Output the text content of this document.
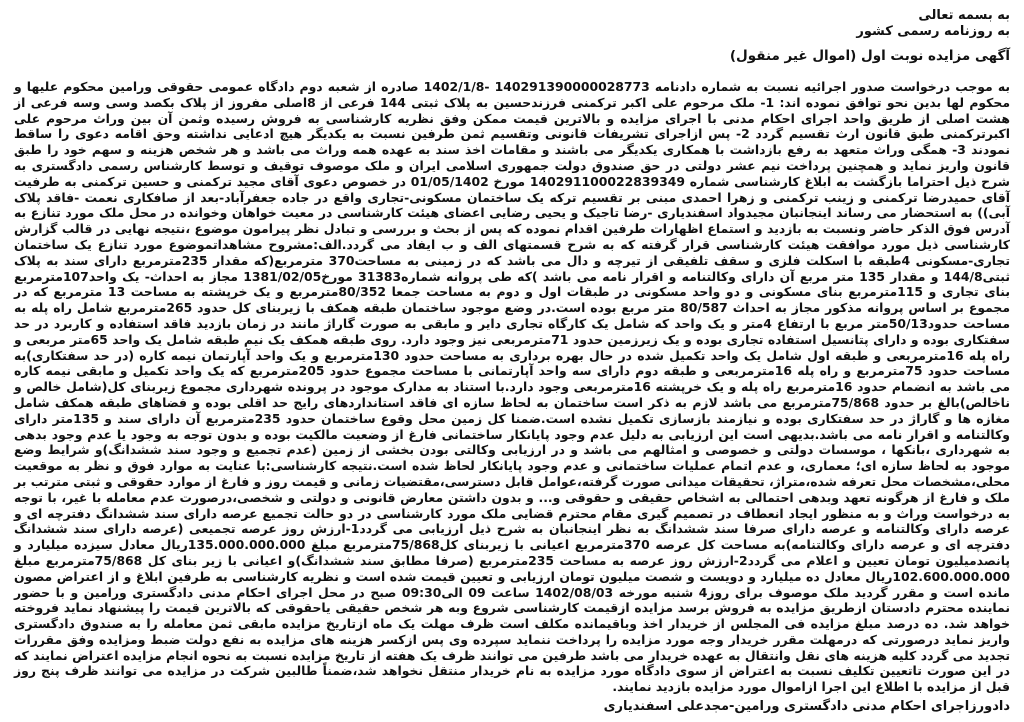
به بسمه تعالی
به روزنامه رسمی کشور
آگهی مزایده نوبت اول (اموال غیر منقول)
به موجب درخواست صدور اجرائیه نسبت به شماره دادنامه 140291390000028773 -1402/1/8 صادره از شعبه دوم دادگاه عمومی حقوقی ورامین محکوم علیها و محکوم لها بدین نحو توافق نموده اند: 1- ملک مرحوم علی اکبر ترکمنی فرزندحسین به پلاک ثبتی 144 فرعی از 8اصلی مفروز از پلاک بکصد وسی وسه فرعی از هشت اصلی از طریق واحد اجرای احکام مدنی با اجرای مزایده و بالاترین قیمت ممکن وفق نظریه کارشناسی به فروش رسیده وثمن آن بین وراث مرحوم علی اکبرترکمنی طبق قانون ارث تقسیم گردد 2- پس ازاجرای تشریفات قانونی وتقسیم ثمن طرفین نسبت به یکدیگر هیچ ادعایی نداشته وحق اقامه دعوی را ساقط نمودند 3- همگی وراث متعهد به رفع بازداشت با همکاری یکدیگر می باشند و مقامات اخذ سند به عهده همه وراث می باشد و هر شخص هزینه و سهم خود را طبق قانون واریز نماید و همچنین پرداخت نیم عشر دولتی در حق صندوق دولت جمهوری اسلامی ایران و ملک موصوف توقیف و توسط کارشناس رسمی دادگستری به شرح ذیل احتراما بازگشت به ابلاغ کارشناسی شماره 140291100022839349 مورخ 01/05/1402 در خصوص دعوی آقای مجید ترکمنی و حسین ترکمنی به طرفیت آقای حمیدرضا ترکمنی و زینب ترکمنی و زهرا احمدی مبنی بر تقسیم ترکه یک ساختمان مسکونی-تجاری واقع در جاده جعفرآباد-بعد از صافکاری نعمت -فاقد پلاک آبی)) به استحضار می رساند اینجانبان مجیدواد اسفندیاری -رضا تاجیک و یحیی رضایی اعضای هیئت کارشناسی در معیت خواهان وخوانده در محل ملک مورد تنازع به آدرس فوق الذکر حاضر ونسبت به بازدید و استماع اظهارات طرفین اقدام نموده که پس از بحث و بررسی و تبادل نظر پیرامون موضوع ،نتیجه نهایی در قالب گزارش کارشناسی ذیل مورد موافقت هیئت کارشناسی قرار گرفته که به شرح قسمتهای الف و ب ایفاد می گردد.الف:مشروح مشاهداتموضوع مورد تنازع یک ساختمان تجاری-مسکونی 4طبقه با اسکلت فلزی و سقف تلفیقی از تیرچه و دال می باشد که در زمینی به مساحت370 مترمربع(که مقدار 235مترمربع دارای سند به پلاک ثبتی144/8 و مقدار 135 متر مربع آن دارای وکالتنامه و اقرار نامه می باشد )که طی پروانه شماره31383 مورخ1381/02/05 مجاز به احداث- یک واحد107مترمربع بنای تجاری و 115مترمربع بنای مسکونی و دو واحد مسکونی در طبقات اول و دوم به مساحت جمعا 80/352مترمربع و یک خرپشته به مساحت 13 مترمربع که در مجموع بر اساس پروانه مذکور مجاز به احداث 80/587 متر مربع بوده است.در وضع موجود ساختمان طبقه همکف با زیربنای کل حدود 265مترمربع شامل راه پله به مساحت حدود50/13متر مربع با ارتفاع 4متر و یک واحد که شامل یک کارگاه تجاری دایر و مابقی به صورت گاراژ مانند در زمان بازدید فاقد استفاده و کاربرد در حد سفتکاری بوده و دارای پتانسیل استفاده تجاری بوده و یک زیرزمین حدود 71مترمربعی نیز وجود دارد. روی طبقه همکف یک نیم طبقه شامل یک واحد 65متر مربعی و راه پله 16مترمربعی و طبقه اول شامل یک واحد تکمیل شده در حال بهره برداری به مساحت حدود 130مترمربع و یک واحد آپارتمان نیمه کاره (در حد سفتکاری)به مساحت حدود 75مترمربع و راه پله 16مترمربعی و طبقه دوم دارای سه واحد آپارتمانی با مساحت مجموع حدود 205مترمربع که یک واحد تکمیل و مابقی نیمه کاره می باشد به انضمام حدود 16مترمربع راه پله و یک خرپشته 16مترمربعی وجود دارد.با استناد به مدارک موجود در پرونده شهرداری مجموع زیربنای کل(شامل خالص و ناخالص)بالغ بر حدود 75/868مترمربع می باشد لازم به ذکر است ساختمان به لحاظ سازه ای فاقد استانداردهای رایج حد اقلی بوده و فضاهای طبقه همکف شامل مغازه ها و گاراژ در حد سفتکاری بوده و نیازمند بازسازی تکمیل نشده است.ضمنا کل زمین محل وقوع ساختمان حدود 235مترمربع آن دارای سند و 135متر دارای وکالتنامه و اقرار نامه می باشد.بدیهی است این ارزیابی به دلیل عدم وجود پایانکار ساختمانی فارغ از وضعیت مالکیت بوده و بدون توجه به وجود یا عدم وجود بدهی به شهرداری ،بانکها ، موسسات دولتی و خصوصی و امثالهم می باشد و در ارزیابی وکالتی بودن بخشی از زمین (عدم تجمیع و وجود سند ششدانگ)و شرایط وضع موجود به لحاظ سازه ای؛ معماری، و عدم اتمام عملیات ساختمانی و عدم وجود پایانکار لحاظ شده است.نتیجه کارشناسی:با عنایت به موارد فوق و نظر به موقعیت محلی،مشخصات محل تعرفه شده،متراژ، تحقیقات میدانی صورت گرفته،عوامل قابل دسترسی،مقتضیات زمانی و قیمت روز و فارغ از موارد حقوقی و ثبتی مترتب بر ملک و فارغ از هرگونه تعهد وبدهی احتمالی به اشخاص حقیقی و حقوقی و... و بدون داشتن معارض قانونی و دولتی و شخصی،درصورت عدم معامله با غیر، با توجه به درخواست وراث و به منظور ایجاد انعطاف در تصمیم گیری مقام محترم قضایی ملک مورد کارشناسی در دو حالت تجمیع عرصه دارای سند ششدانگ دفترچه ای و عرصه دارای وکالتنامه و عرصه دارای صرفا سند ششدانگ به نظر اینجانبان به شرح ذیل ارزیابی می گردد1-ارزش روز عرصه تجمیعی (عرصه دارای سند ششدانگ دفترچه ای و عرصه دارای وکالتنامه)به مساحت کل عرصه 370مترمربع اعیانی با زیربنای کل75/868مترمربع مبلغ 135.000.000.000ریال معادل سیزده میلیارد و پانصدمیلیون تومان تعیین و اعلام می گردد2-ارزش روز عرصه به مساحت 235مترمربع (صرفا مطابق سند ششدانگ)و اعیانی با زیر بنای کل 75/868مترمربع مبلغ 102.600.000.000ریال معادل ده میلیارد و دویست و شصت میلیون تومان ارزیابی و تعیین قیمت شده است و نظریه کارشناسی به طرفین ابلاغ و از اعتراض مصون مانده است و مقرر گردید ملک موصوف برای روز4 شنبه مورخه 1402/08/03 ساعت 09 الی09:30 صبح در محل اجرای احکام مدنی دادگستری ورامین و با حضور نماینده محترم دادستان ازطریق مزایده به فروش برسد مزایده ازقیمت کارشناسی شروع وبه هر شخص حقیقی یاحقوقی که بالاترین قیمت را پیشنهاد نماید فروخته خواهد شد. ده درصد مبلغ مزایده فی المجلس از خریدار اخذ وباقیمانده مکلف است ظرف مهلت یک ماه ازتاریخ مزایده مابقی ثمن معامله را به صندوق دادگستری واریز نماید درصورتی که درمهلت مقرر خریدار وجه مورد مزایده را پرداخت ننماید سپرده وی پس ازکسر هزینه های مزایده به نفع دولت ضبط ومزایده وفق مقررات تجدید می گردد کلیه هزینه های نقل وانتقال به عهده خریدار می باشد طرفین می توانند ظرف یک هفته از تاریخ مزایده نسبت به نحوه انجام مزایده اعتراض نمایند که در این صورت تاتعیین تکلیف نسبت به اعتراض از سوی دادگاه مورد مزایده به نام خریدار منتقل نخواهد شد،ضمناً طالبین شرکت در مزایده می توانند ظرف پنج روز قبل از مزایده با اطلاع این اجرا ازاموال مورد مزایده بازدید نمایند.
دادورزاجرای احکام مدنی دادگستری ورامین-مجدعلی اسفندیاری
